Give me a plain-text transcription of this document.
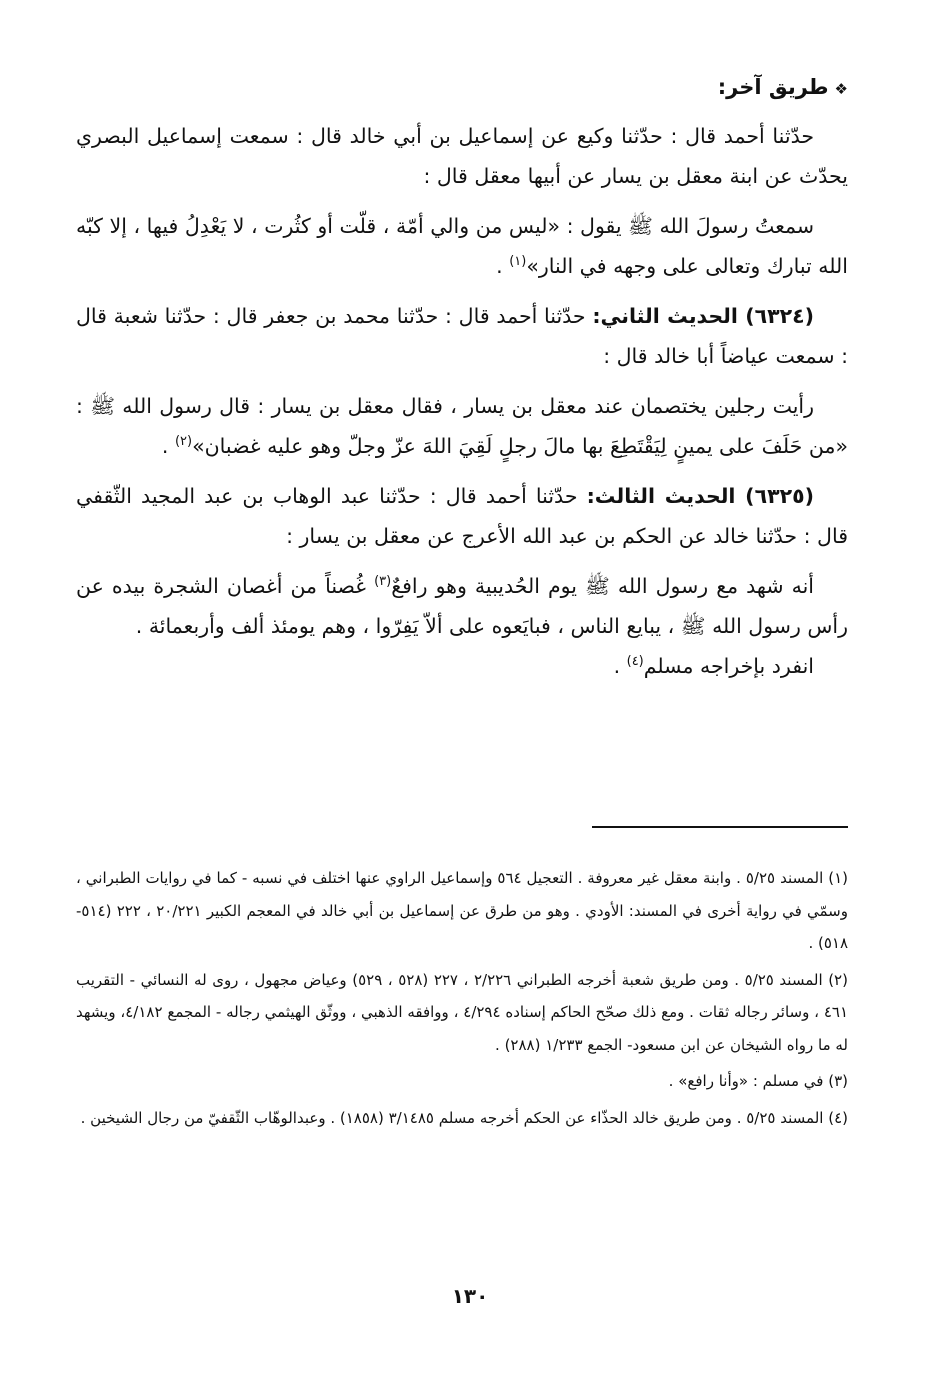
❖طريق آخر:

حدّثنا أحمد قال : حدّثنا وكيع عن إسماعيل بن أبي خالد قال : سمعت إسماعيل البصري يحدّث عن ابنة معقل بن يسار عن أبيها معقل قال :

سمعتُ رسولَ الله ﷺ يقول : «ليس من والي أمّة ، قلّت أو كثُرت ، لا يَعْدِلُ فيها ، إلا كبّه الله تبارك وتعالى على وجهه في النار»$^{(١)}$ .

(٦٣٢٤) الحديث الثاني: حدّثنا أحمد قال : حدّثنا محمد بن جعفر قال : حدّثنا شعبة قال : سمعت عياضاً أبا خالد قال :

رأيت رجلين يختصمان عند معقل بن يسار ، فقال معقل بن يسار : قال رسول الله ﷺ : «من حَلَفَ على يمينٍ لِيَقْتَطِعَ بها مالَ رجلٍ لَقِيَ اللهَ عزّ وجلّ وهو عليه غضبان»$^{(٢)}$ .

(٦٣٢٥) الحديث الثالث: حدّثنا أحمد قال : حدّثنا عبد الوهاب بن عبد المجيد الثّقفي قال : حدّثنا خالد عن الحكم بن عبد الله الأعرج عن معقل بن يسار :

أنه شهد مع رسول الله ﷺ يوم الحُديبية وهو رافعٌ$^{(٣)}$ غُصناً من أغصان الشجرة بيده عن رأس رسول الله ﷺ ، يبايع الناس ، فبايَعوه على ألاّ يَفِرّوا ، وهم يومئذ ألف وأربعمائة .

انفرد بإخراجه مسلم$^{(٤)}$ .

(١) المسند ٥/٢٥ . وابنة معقل غير معروفة . التعجيل ٥٦٤ وإسماعيل الراوي عنها اختلف في نسبه - كما في روايات الطبراني ، وسمّي في رواية أخرى في المسند: الأودي . وهو من طرق عن إسماعيل بن أبي خالد في المعجم الكبير ٢٠/٢٢١ ، ٢٢٢ (٥١٤- ٥١٨) .

(٢) المسند ٥/٢٥ . ومن طريق شعبة أخرجه الطبراني ٢/٢٢٦ ، ٢٢٧ (٥٢٨ ، ٥٢٩) وعياض مجهول ، روى له النسائي - التقريب ٤٦١ ، وسائر رجاله ثقات . ومع ذلك صحّح الحاكم إسناده ٤/٢٩٤ ، ووافقه الذهبي ، ووثّق الهيثمي رجاله - المجمع ٤/١٨٢، ويشهد له ما رواه الشيخان عن ابن مسعود- الجمع ١/٢٣٣ (٢٨٨) .

(٣) في مسلم : «وأنا رافع» .

(٤) المسند ٥/٢٥ . ومن طريق خالد الحذّاء عن الحكم أخرجه مسلم ٣/١٤٨٥ (١٨٥٨) . وعبدالوهّاب الثّقفيّ من رجال الشيخين .

١٣٠
